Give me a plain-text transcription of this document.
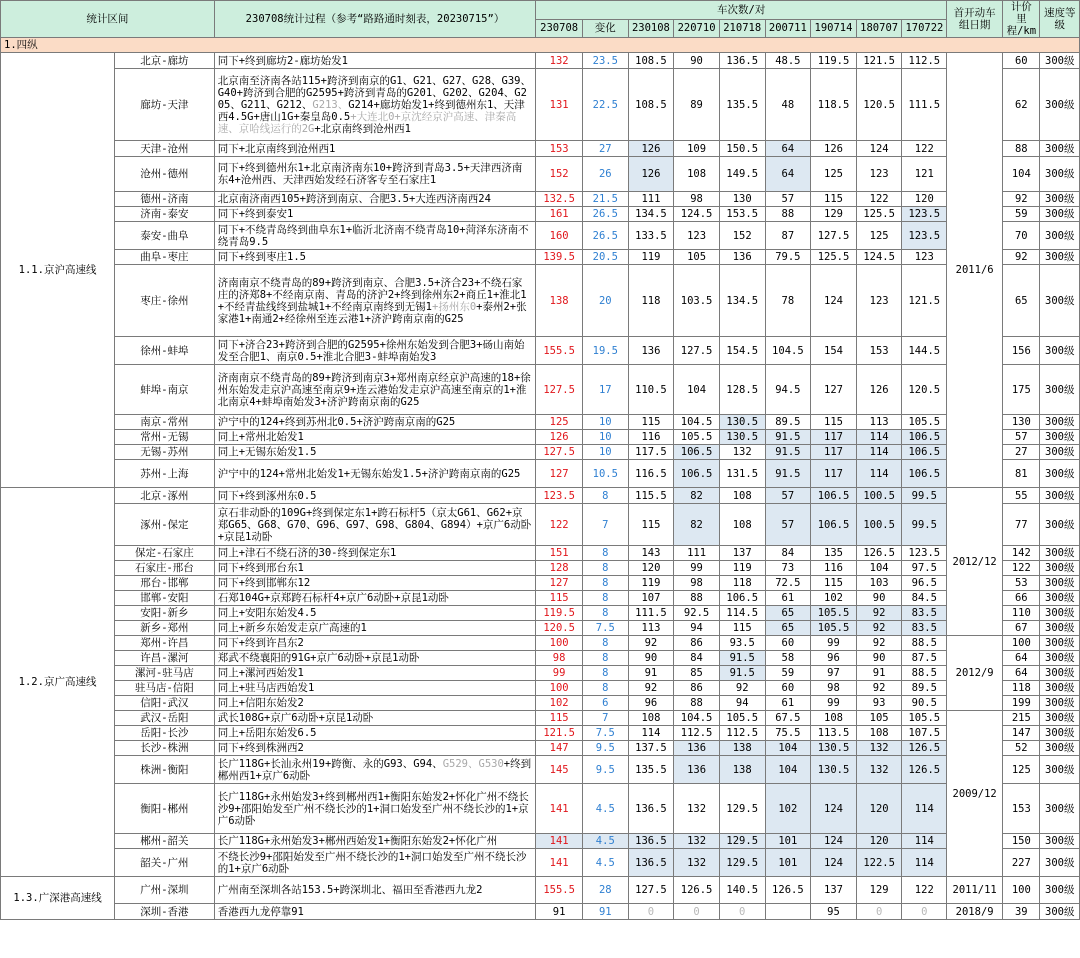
统计区间		230708统计过程（参考“路路通时刻表，20230715”）	车次数/对									首开动车组日期	计价里程/km	速度等级
			230708	变化	230108	220710	210718	200711	190714	180707	170722			
1.四纵														
1.1.京沪高速线	北京-廊坊	同下+终到廊坊2-廊坊始发1	132	23.5	108.5	90	136.5	48.5	119.5	121.5	112.5	2011/6	60	300级
	廊坊-天津	北京南至济南各站115+跨济到南京的G1、G21、G27、G28、G39、G40+跨济到合肥的G2595+跨济到青岛的G201、G202、G204、G205、G211、G212、G213、G214+廊坊始发1+终到德州东1、天津西4.5G+唐山1G+秦皇岛0.5+大连北0+京沈经京沪高速、津秦高速、京哈线运行的2G+北京南终到沧州西1	131	22.5	108.5	89	135.5	48	118.5	120.5	111.5		62	300级
	天津-沧州	同下+北京南终到沧州西1	153	27	126	109	150.5	64	126	124	122		88	300级
	沧州-德州	同下+终到德州东1+北京南济南东10+跨济到青岛3.5+天津西济南东4+沧州西、天津西始发经石济客专至石家庄1	152	26	126	108	149.5	64	125	123	121		104	300级
	德州-济南	北京南济南西105+跨济到南京、合肥3.5+大连西济南西24	132.5	21.5	111	98	130	57	115	122	120		92	300级
	济南-泰安	同下+终到泰安1	161	26.5	134.5	124.5	153.5	88	129	125.5	123.5		59	300级
	泰安-曲阜	同下+不绕青岛终到曲阜东1+临沂北济南不绕青岛10+菏泽东济南不绕青岛9.5	160	26.5	133.5	123	152	87	127.5	125	123.5		70	300级
	曲阜-枣庄	同下+终到枣庄1.5	139.5	20.5	119	105	136	79.5	125.5	124.5	123		92	300级
	枣庄-徐州	济南南京不绕青岛的89+跨济到南京、合肥3.5+济合23+不绕石家庄的济郑8+不经南京南、青岛的济沪2+终到徐州东2+商丘1+淮北1+不经青盐线终到盐城1+不经南京南终到无锡1+扬州东0+泰州2+张家港1+南通2+经徐州至连云港1+济沪跨南京南的G25	138	20	118	103.5	134.5	78	124	123	121.5		65	300级
	徐州-蚌埠	同下+济合23+跨济到合肥的G2595+徐州东始发到合肥3+砀山南始发至合肥1、南京0.5+淮北合肥3-蚌埠南始发3	155.5	19.5	136	127.5	154.5	104.5	154	153	144.5		156	300级
	蚌埠-南京	济南南京不绕青岛的89+跨济到南京3+郑州南京经京沪高速的18+徐州东始发走京沪高速至南京9+连云港始发走京沪高速至南京的1+淮北南京4+蚌埠南始发3+济沪跨南京南的G25	127.5	17	110.5	104	128.5	94.5	127	126	120.5		175	300级
	南京-常州	沪宁中的124+终到苏州北0.5+济沪跨南京南的G25	125	10	115	104.5	130.5	89.5	115	113	105.5		130	300级
	常州-无锡	同上+常州北始发1	126	10	116	105.5	130.5	91.5	117	114	106.5		57	300级
	无锡-苏州	同上+无锡东始发1.5	127.5	10	117.5	106.5	132	91.5	117	114	106.5		27	300级
	苏州-上海	沪宁中的124+常州北始发1+无锡东始发1.5+济沪跨南京南的G25	127	10.5	116.5	106.5	131.5	91.5	117	114	106.5		81	300级
1.2.京广高速线	北京-涿州	同下+终到涿州东0.5	123.5	8	115.5	82	108	57	106.5	100.5	99.5	2012/12	55	300级
	涿州-保定	京石非动卧的109G+终到保定东1+跨石标杆5（京太G61、G62+京郑G65、G68、G70、G96、G97、G98、G804、G894）+京广6动卧+京昆1动卧	122	7	115	82	108	57	106.5	100.5	99.5		77	300级
	保定-石家庄	同上+津石不绕石济的30-终到保定东1	151	8	143	111	137	84	135	126.5	123.5		142	300级
	石家庄-邢台	同下+终到邢台东1	128	8	120	99	119	73	116	104	97.5		122	300级
	邢台-邯郸	同下+终到邯郸东12	127	8	119	98	118	72.5	115	103	96.5		53	300级
	邯郸-安阳	石郑104G+京郑跨石标杆4+京广6动卧+京昆1动卧	115	8	107	88	106.5	61	102	90	84.5		66	300级
	安阳-新乡	同上+安阳东始发4.5	119.5	8	111.5	92.5	114.5	65	105.5	92	83.5		110	300级
	新乡-郑州	同上+新乡东始发走京广高速的1	120.5	7.5	113	94	115	65	105.5	92	83.5		67	300级
	郑州-许昌	同下+终到许昌东2	100	8	92	86	93.5	60	99	92	88.5	2012/9	100	300级
	许昌-漯河	郑武不绕襄阳的91G+京广6动卧+京昆1动卧	98	8	90	84	91.5	58	96	90	87.5		64	300级
	漯河-驻马店	同上+漯河西始发1	99	8	91	85	91.5	59	97	91	88.5		64	300级
	驻马店-信阳	同上+驻马店西始发1	100	8	92	86	92	60	98	92	89.5		118	300级
	信阳-武汉	同上+信阳东始发2	102	6	96	88	94	61	99	93	90.5		199	300级
	武汉-岳阳	武长108G+京广6动卧+京昆1动卧	115	7	108	104.5	105.5	67.5	108	105	105.5	2009/12	215	300级
	岳阳-长沙	同上+岳阳东始发6.5	121.5	7.5	114	112.5	112.5	75.5	113.5	108	107.5		147	300级
	长沙-株洲	同下+终到株洲西2	147	9.5	137.5	136	138	104	130.5	132	126.5		52	300级
	株洲-衡阳	长广118G+长汕永州19+跨衡、永的G93、G94、G529、G530+终到郴州西1+京广6动卧	145	9.5	135.5	136	138	104	130.5	132	126.5		125	300级
	衡阳-郴州	长广118G+永州始发3+终到郴州西1+衡阳东始发2+怀化广州不绕长沙9+邵阳始发至广州不绕长沙的1+洞口始发至广州不绕长沙的1+京广6动卧	141	4.5	136.5	132	129.5	102	124	120	114		153	300级
	郴州-韶关	长广118G+永州始发3+郴州西始发1+衡阳东始发2+怀化广州	141	4.5	136.5	132	129.5	101	124	120	114		150	300级
	韶关-广州	不绕长沙9+邵阳始发至广州不绕长沙的1+洞口始发至广州不绕长沙的1+京广6动卧	141	4.5	136.5	132	129.5	101	124	122.5	114		227	300级
1.3.广深港高速线	广州-深圳	广州南至深圳各站153.5+跨深圳北、福田至香港西九龙2	155.5	28	127.5	126.5	140.5	126.5	137	129	122	2011/11	100	300级
	深圳-香港	香港西九龙停靠91	91	91	0	0	0		95	0	0	2018/9	39	300级
